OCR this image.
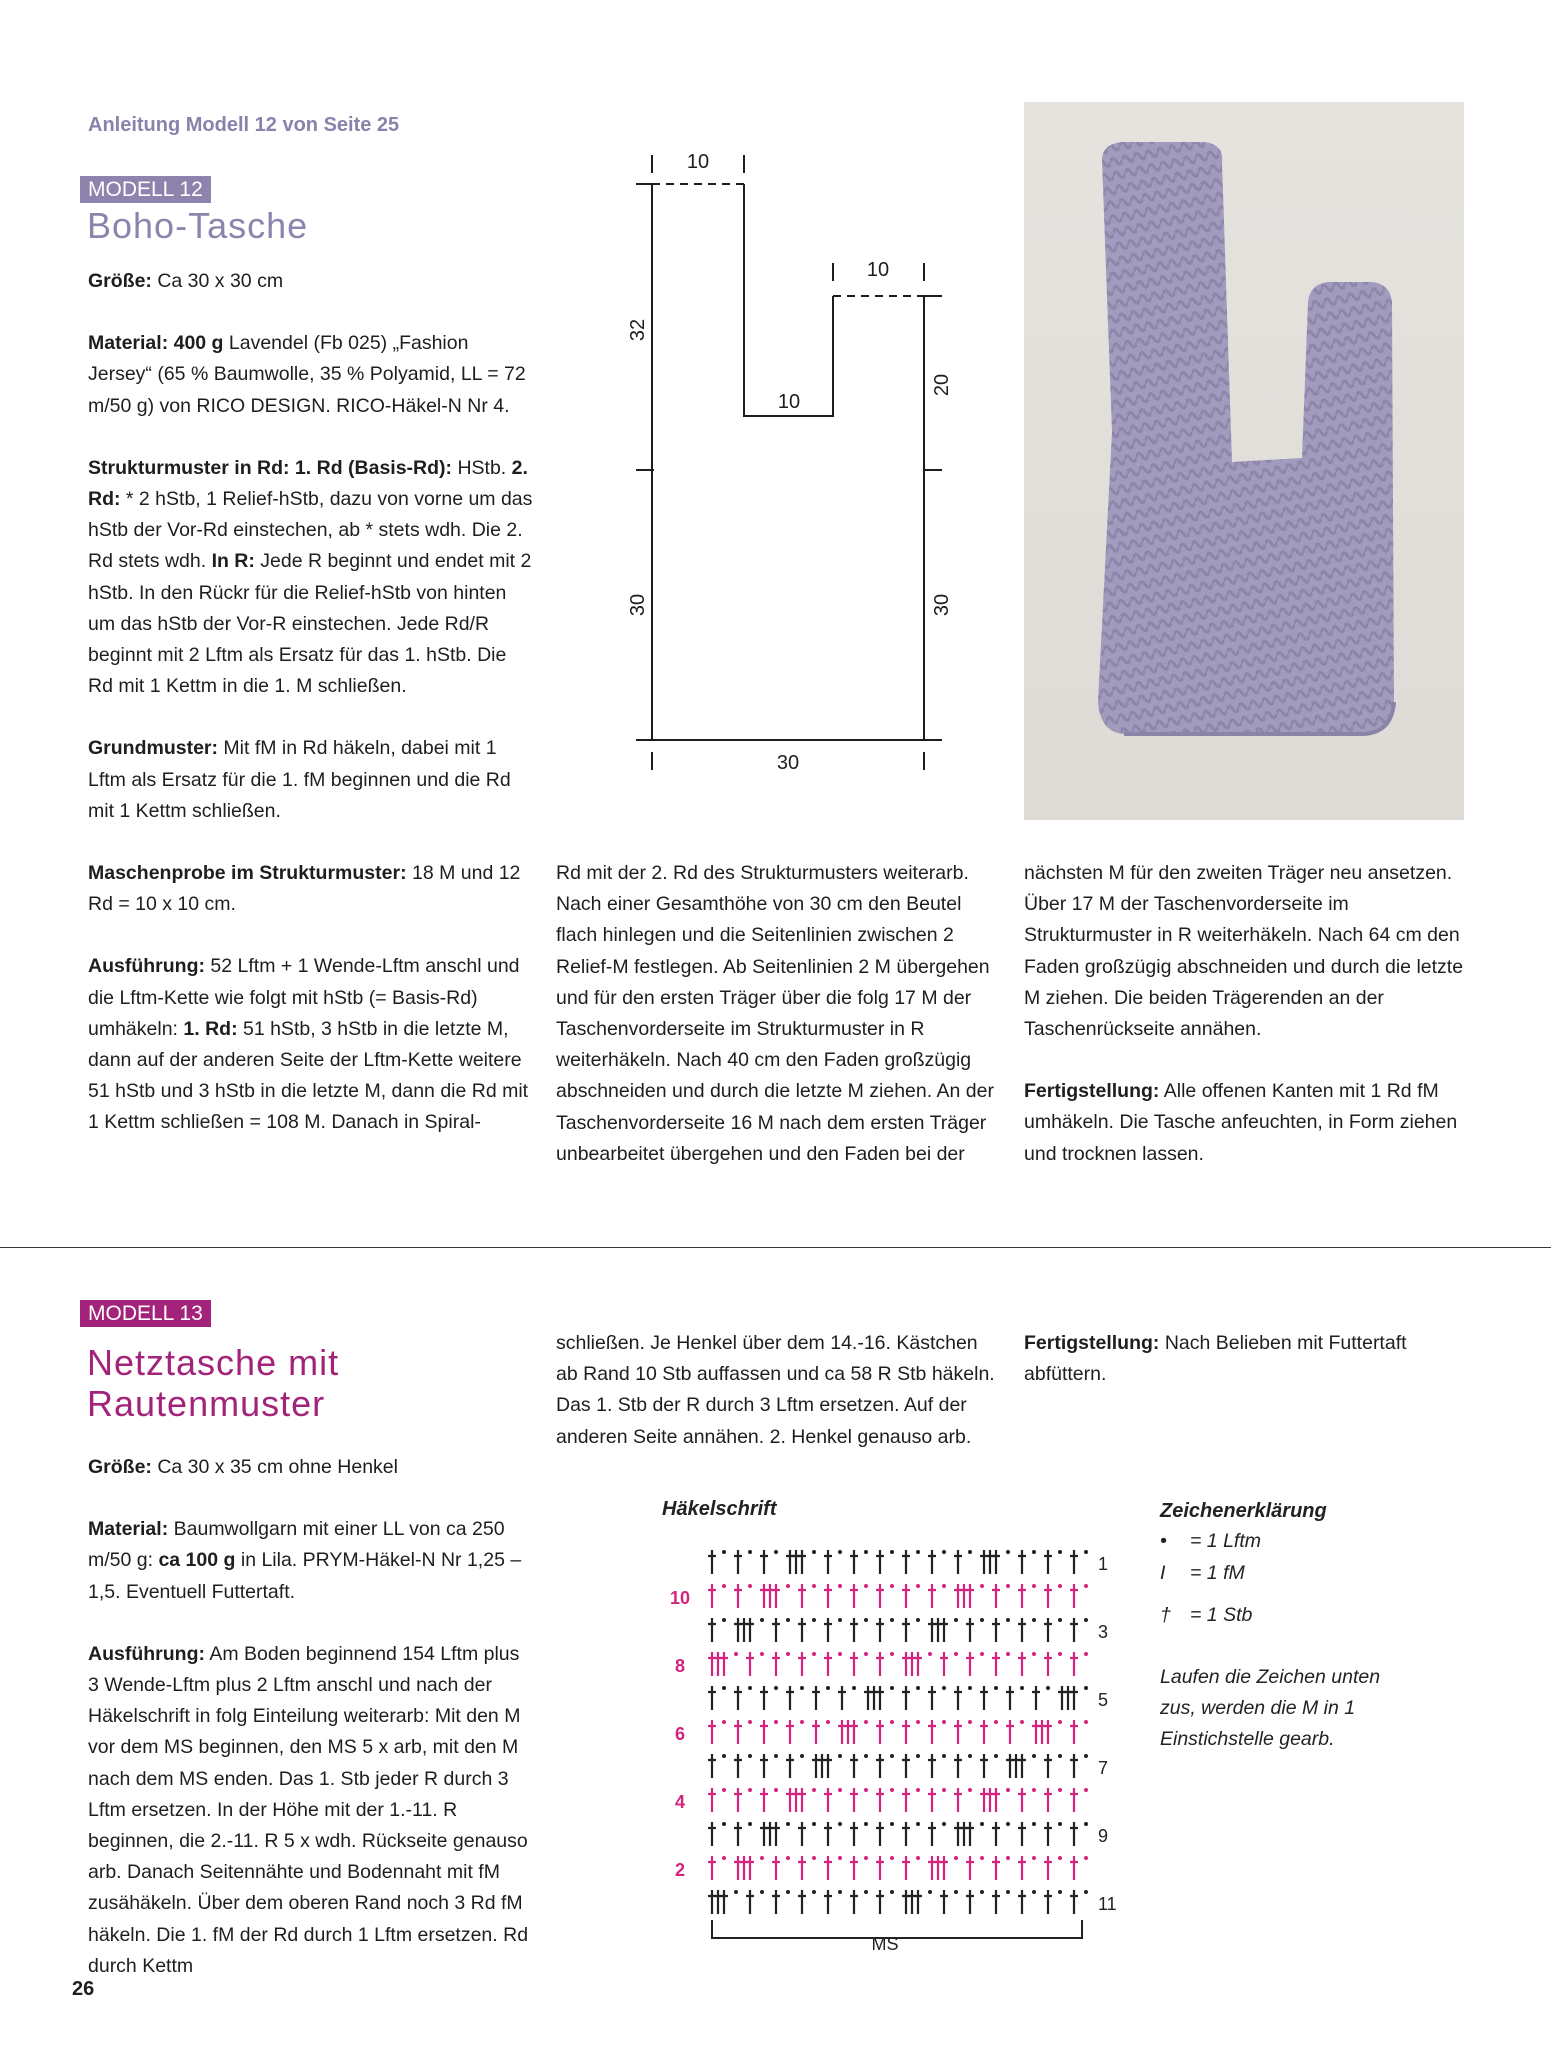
Anleitung Modell 12 von Seite 25
MODELL 12
Boho-Tasche

Größe: Ca 30 x 30 cm

Material: 400 g Lavendel (Fb 025) „Fashion Jersey“ (65 % Baumwolle, 35 % Polyamid, LL = 72 m/50 g) von RICO DESIGN. RICO-Häkel-N Nr 4.

Strukturmuster in Rd: 1. Rd (Basis-Rd): HStb. 2. Rd: * 2 hStb, 1 Relief-hStb, dazu von vorne um das hStb der Vor-Rd einstechen, ab * stets wdh. Die 2. Rd stets wdh. In R: Jede R beginnt und endet mit 2 hStb. In den Rückr für die Relief-hStb von hinten um das hStb der Vor-R einstechen. Jede Rd/R beginnt mit 2 Lftm als Ersatz für das 1. hStb. Die Rd mit 1 Kettm in die 1. M schließen.

Grundmuster: Mit fM in Rd häkeln, dabei mit 1 Lftm als Ersatz für die 1. fM beginnen und die Rd mit 1 Kettm schließen.

Maschenprobe im Strukturmuster: 18 M und 12 Rd = 10 x 10 cm.

Ausführung: 52 Lftm + 1 Wende-Lftm anschl und die Lftm-Kette wie folgt mit hStb (= Basis-Rd) umhäkeln: 1. Rd: 51 hStb, 3 hStb in die letzte M, dann auf der anderen Seite der Lftm-Kette weitere 51 hStb und 3 hStb in die letzte M, dann die Rd mit 1 Kettm schließen = 108 M. Danach in Spiral-

Rd mit der 2. Rd des Strukturmusters weiterarb. Nach einer Gesamthöhe von 30 cm den Beutel flach hinlegen und die Seitenlinien zwischen 2 Relief-M festlegen. Ab Seitenlinien 2 M übergehen und für den ersten Träger über die folg 17 M der Taschenvorderseite im Strukturmuster in R weiterhäkeln. Nach 40 cm den Faden großzügig abschneiden und durch die letzte M ziehen. An der Taschenvorderseite 16 M nach dem ersten Träger unbearbeitet übergehen und den Faden bei der

nächsten M für den zweiten Träger neu ansetzen. Über 17 M der Taschenvorderseite im Strukturmuster in R weiterhäkeln. Nach 64 cm den Faden großzügig abschneiden und durch die letzte M ziehen. Die beiden Trägerenden an der Taschenrückseite annähen.

Fertigstellung: Alle offenen Kanten mit 1 Rd fM umhäkeln. Die Tasche anfeuchten, in Form ziehen und trocknen lassen.

10
10
10
32
20
30	30
30
MODELL 13
Netztasche mit Rautenmuster

Größe: Ca 30 x 35 cm ohne Henkel

Material: Baumwollgarn mit einer LL von ca 250 m/50 g: ca 100 g in Lila. PRYM-Häkel-N Nr 1,25 – 1,5. Eventuell Futtertaft.

Ausführung: Am Boden beginnend 154 Lftm plus 3 Wende-Lftm plus 2 Lftm anschl und nach der Häkelschrift in folg Einteilung weiterarb: Mit den M vor dem MS beginnen, den MS 5 x arb, mit den M nach dem MS enden. Das 1. Stb jeder R durch 3 Lftm ersetzen. In der Höhe mit der 1.-11. R beginnen, die 2.-11. R 5 x wdh. Rückseite genauso arb. Danach Seitennähte und Bodennaht mit fM zusähäkeln. Über dem oberen Rand noch 3 Rd fM häkeln. Die 1. fM der Rd durch 1 Lftm ersetzen. Rd durch Kettm

schließen. Je Henkel über dem 14.-16. Kästchen ab Rand 10 Stb auffassen und ca 58 R Stb häkeln. Das 1. Stb der R durch 3 Lftm ersetzen. Auf der anderen Seite annähen. 2. Henkel genauso arb.

Fertigstellung: Nach Belieben mit Futtertaft abfüttern.

Häkelschrift	Zeichenerklärung
• = 1 Lftm
I = 1 fM
† = 1 Stb
Laufen die Zeichen unten zus, werden die M in 1 Einstichstelle gearb.
11
9
7
5
3
1
10
8
6
4
2
MS
26
